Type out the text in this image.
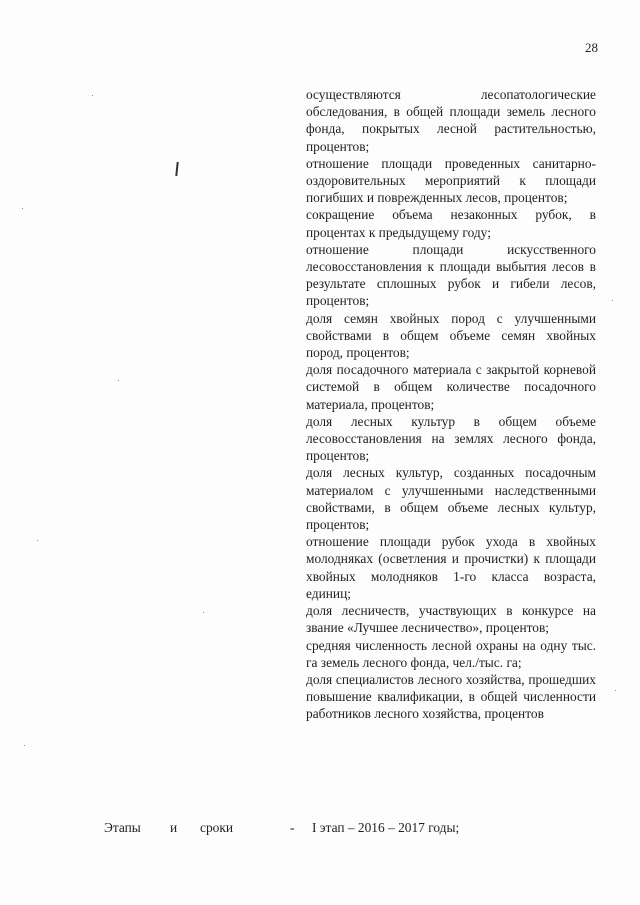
28

осуществляются лесопатологические обследования, в общей площади земель лесного фонда, покрытых лесной растительностью, процентов;

отношение площади проведенных санитарно-оздоровительных мероприятий к площади погибших и поврежденных лесов, процентов;

сокращение объема незаконных рубок, в процентах к предыдущему году;

отношение площади искусственного лесовосстановления к площади выбытия лесов в результате сплошных рубок и гибели лесов, процентов;

доля семян хвойных пород с улучшенными свойствами в общем объеме семян хвойных пород, процентов;

доля посадочного материала с закрытой корневой системой в общем количестве посадочного материала, процентов;

доля лесных культур в общем объеме лесовосстановления на землях лесного фонда, процентов;

доля лесных культур, созданных посадочным материалом с улучшенными наследственными свойствами, в общем объеме лесных культур, процентов;

отношение площади рубок ухода в хвойных молодняках (осветления и прочистки) к площади хвойных молодняков 1-го класса возраста, единиц;

доля лесничеств, участвующих в конкурсе на звание «Лучшее лесничество», процентов;

средняя численность лесной охраны на одну тыс. га земель лесного фонда, чел./тыс. га;

доля специалистов лесного хозяйства, прошедших повышение квалификации, в общей численности работников лесного хозяйства, процентов

Этапы и сроки	- I этап – 2016 – 2017 годы;
